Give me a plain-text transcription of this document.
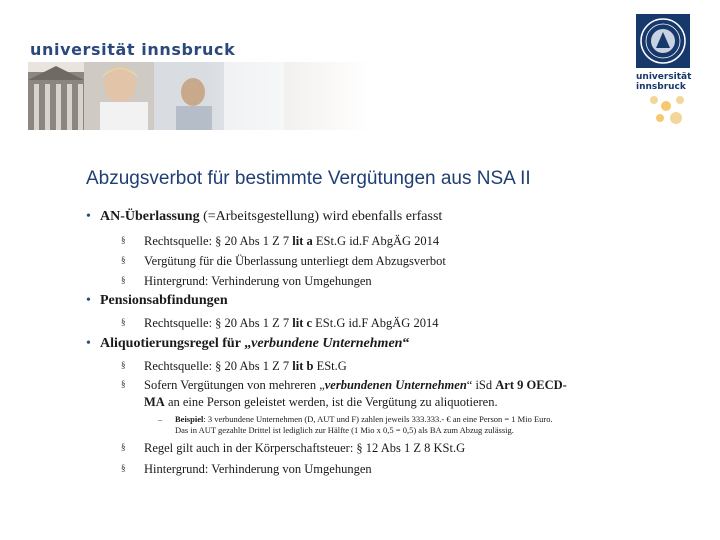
universität innsbruck
universität
innsbruck
Abzugsverbot für bestimmte Vergütungen aus NSA II
• AN-Überlassung (=Arbeitsgestellung) wird ebenfalls erfasst
§ Rechtsquelle: § 20 Abs 1 Z 7 lit a ESt.G id.F AbgÄG 2014
§ Vergütung für die Überlassung unterliegt dem Abzugsverbot
§ Hintergrund: Verhinderung von Umgehungen
• Pensionsabfindungen
§ Rechtsquelle: § 20 Abs 1 Z 7 lit c ESt.G id.F AbgÄG 2014
• Aliquotierungsregel für „verbundene Unternehmen“
§ Rechtsquelle: § 20 Abs 1 Z 7 lit b ESt.G
§ Sofern Vergütungen von mehreren „verbundenen Unternehmen“ iSd Art 9 OECD-
MA an eine Person geleistet werden, ist die Vergütung zu aliquotieren.
– Beispiel: 3 verbundene Unternehmen (D, AUT und F) zahlen jeweils 333.333.- € an eine Person = 1 Mio Euro.
Das in AUT gezahlte Drittel ist lediglich zur Hälfte (1 Mio x 0,5 = 0,5) als BA zum Abzug zulässig.
§ Regel gilt auch in der Körperschaftsteuer: § 12 Abs 1 Z 8 KSt.G
§ Hintergrund: Verhinderung von Umgehungen
